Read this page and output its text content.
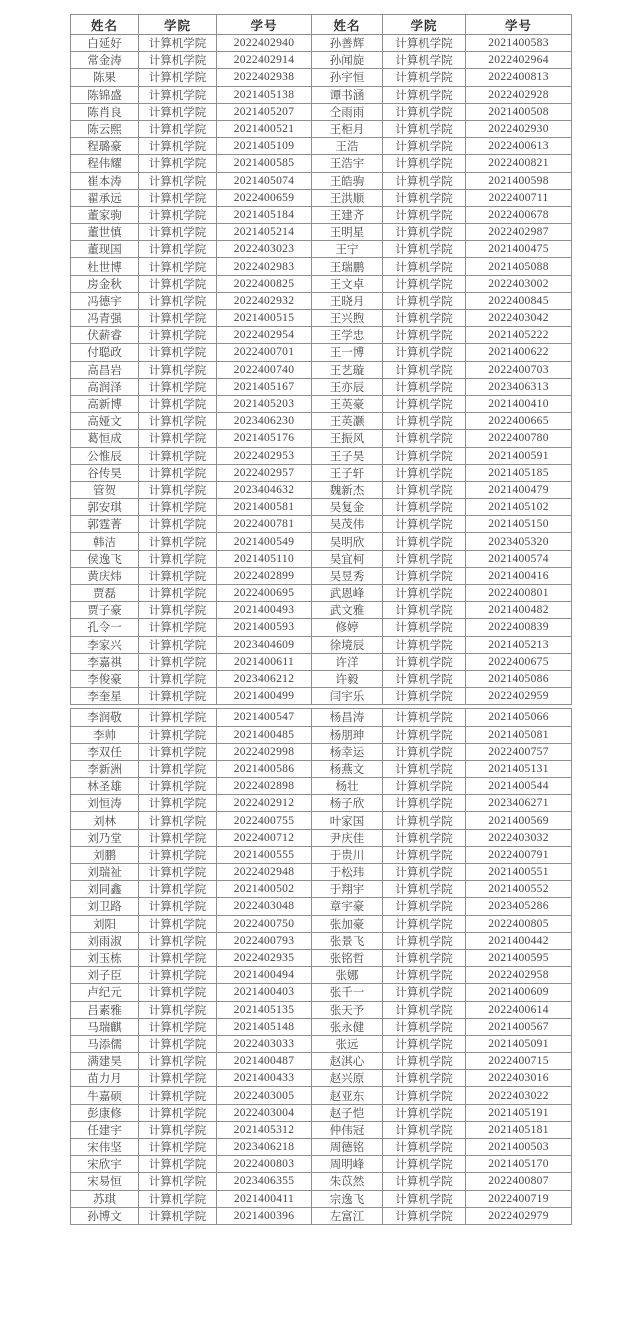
姓名	学院	学号	姓名	学院	学号
白延好	计算机学院	2022402940	孙善辉	计算机学院	2021400583
常金涛	计算机学院	2022402914	孙闻旋	计算机学院	2022402964
陈果	计算机学院	2022402938	孙宇恒	计算机学院	2022400813
陈锦盛	计算机学院	2021405138	谭书涵	计算机学院	2022402928
陈肖良	计算机学院	2021405207	仝雨雨	计算机学院	2021400508
陈云熙	计算机学院	2021400521	王柜月	计算机学院	2022402930
程璐豪	计算机学院	2021405109	王浩	计算机学院	2022400613
程伟耀	计算机学院	2021400585	王浩宇	计算机学院	2022400821
崔本涛	计算机学院	2021405074	王皓驹	计算机学院	2021400598
翟承远	计算机学院	2022400659	王洪顺	计算机学院	2022400711
董家驹	计算机学院	2021405184	王建齐	计算机学院	2022400678
董世慎	计算机学院	2021405214	王明星	计算机学院	2022402987
董现国	计算机学院	2022403023	王宁	计算机学院	2021400475
杜世博	计算机学院	2022402983	王瑞鹏	计算机学院	2021405088
房金秋	计算机学院	2022400825	王文卓	计算机学院	2022403002
冯德宇	计算机学院	2022402932	王晓月	计算机学院	2022400845
冯青强	计算机学院	2021400515	王兴煦	计算机学院	2022403042
伏薪睿	计算机学院	2022402954	王学忠	计算机学院	2021405222
付聪政	计算机学院	2022400701	王一博	计算机学院	2021400622
高昌岩	计算机学院	2022400740	王艺璇	计算机学院	2022400703
高润泽	计算机学院	2021405167	王亦辰	计算机学院	2023406313
高新博	计算机学院	2021405203	王英豪	计算机学院	2021400410
高娅文	计算机学院	2023406230	王英灏	计算机学院	2022400665
葛恒成	计算机学院	2021405176	王振风	计算机学院	2022400780
公惟辰	计算机学院	2022402953	王子昊	计算机学院	2021400591
谷传昊	计算机学院	2022402957	王子轩	计算机学院	2021405185
管贺	计算机学院	2023404632	魏新杰	计算机学院	2021400479
郭安琪	计算机学院	2021400581	吴复金	计算机学院	2021405102
郭霆菁	计算机学院	2022400781	吴茂伟	计算机学院	2021405150
韩洁	计算机学院	2021400549	吴明欣	计算机学院	2023405320
侯逸飞	计算机学院	2021405110	吴宜柯	计算机学院	2021400574
黄庆炜	计算机学院	2022402899	吴昱秀	计算机学院	2021400416
贾磊	计算机学院	2022400695	武恩峰	计算机学院	2022400801
贾子豪	计算机学院	2021400493	武文雅	计算机学院	2021400482
孔令一	计算机学院	2021400593	修婷	计算机学院	2022400839
李家兴	计算机学院	2023404609	徐境辰	计算机学院	2021405213
李嘉祺	计算机学院	2021400611	许洋	计算机学院	2022400675
李俊豪	计算机学院	2023406212	许毅	计算机学院	2021405086
李奎星	计算机学院	2021400499	闫宇乐	计算机学院	2022402959
李润敬	计算机学院	2021400547	杨昌涛	计算机学院	2021405066
李帅	计算机学院	2021400485	杨朋珅	计算机学院	2021405081
李双任	计算机学院	2022402998	杨幸运	计算机学院	2022400757
李新洲	计算机学院	2021400586	杨燕文	计算机学院	2021405131
林圣雄	计算机学院	2022402898	杨壮	计算机学院	2021400544
刘恒涛	计算机学院	2022402912	杨子欣	计算机学院	2023406271
刘林	计算机学院	2022400755	叶家国	计算机学院	2021400569
刘乃堂	计算机学院	2022400712	尹庆佳	计算机学院	2022403032
刘鹏	计算机学院	2021400555	于贵川	计算机学院	2022400791
刘瑞祉	计算机学院	2022402948	于松玮	计算机学院	2021400551
刘同鑫	计算机学院	2021400502	于翔宇	计算机学院	2021400552
刘卫路	计算机学院	2022403048	章宇豪	计算机学院	2023405286
刘阳	计算机学院	2022400750	张加豪	计算机学院	2022400805
刘雨淑	计算机学院	2022400793	张景飞	计算机学院	2021400442
刘玉栋	计算机学院	2022402935	张铭哲	计算机学院	2021400595
刘子臣	计算机学院	2021400494	张娜	计算机学院	2022402958
卢纪元	计算机学院	2021400403	张千一	计算机学院	2021400609
吕素雅	计算机学院	2021405135	张天予	计算机学院	2022400614
马瑞麒	计算机学院	2021405148	张永健	计算机学院	2021400567
马添儒	计算机学院	2022403033	张远	计算机学院	2021405091
满建昊	计算机学院	2021400487	赵淇心	计算机学院	2022400715
苗力月	计算机学院	2021400433	赵兴原	计算机学院	2022403016
牛嘉硕	计算机学院	2022403005	赵亚东	计算机学院	2022403022
彭康修	计算机学院	2022403004	赵子恺	计算机学院	2021405191
任建宇	计算机学院	2021405312	仲伟冠	计算机学院	2021405181
宋伟坚	计算机学院	2023406218	周德铭	计算机学院	2021400503
宋欣宇	计算机学院	2022400803	周明峰	计算机学院	2021405170
宋易恒	计算机学院	2023406355	朱苡然	计算机学院	2022400807
苏琪	计算机学院	2021400411	宗逸飞	计算机学院	2022400719
孙博文	计算机学院	2021400396	左富江	计算机学院	2022402979
